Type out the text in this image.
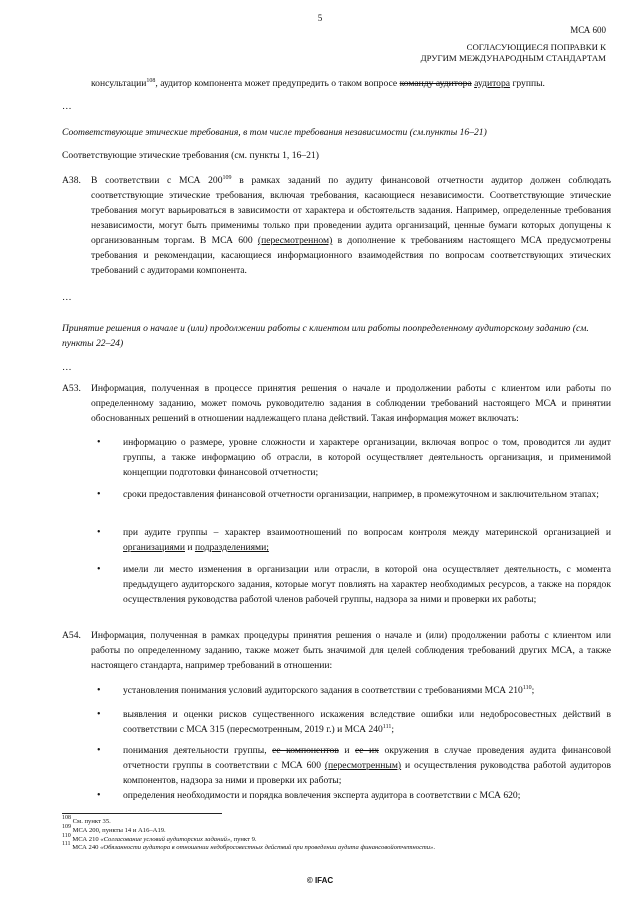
5
МСА 600
СОГЛАСУЮЩИЕСЯ ПОПРАВКИ К
ДРУГИМ МЕЖДУНАРОДНЫМ СТАНДАРТАМ
консультации$^{108}$, аудитор компонента может предупредить о таком вопросе команду аудитора аудитора группы.
…
Соответствующие этические требования, в том числе требования независимости (см.пункты 16–21)
Соответствующие этические требования (см. пункты 1, 16–21)
A38. В соответствии с МСА $200^{109}$ в рамках заданий по аудиту финансовой отчетности аудитор должен соблюдать соответствующие этические требования, включая требования, касающиеся независимости. Соответствующие этические требования могут варьироваться в зависимости от характера и обстоятельств задания. Например, определенные требования независимости, могут быть применимы только при проведении аудита организаций, ценные бумаги которых допущены к организованным торгам. В МСА 600 (пересмотренном) в дополнение к требованиям настоящего МСА предусмотрены требования и рекомендации, касающиеся информационного взаимодействия по вопросам соответствующих этических требований с аудиторами компонента.
…
Принятие решения о начале и (или) продолжении работы с клиентом или работы поопределенному аудиторскому заданию (см. пункты 22–24)
…
A53. Информация, полученная в процессе принятия решения о начале и продолжении работы с клиентом или работы по определенному заданию, может помочь руководителю задания в соблюдении требований настоящего МСА и принятии обоснованных решений в отношении надлежащего плана действий. Такая информация может включать:
• информацию о размере, уровне сложности и характере организации, включая вопрос о том, проводится ли аудит группы, а также информацию об отрасли, в которой осуществляет деятельность организация, и применимой концепции подготовки финансовой отчетности;
• сроки предоставления финансовой отчетности организации, например, в промежуточном и заключительном этапах;
• при аудите группы – характер взаимоотношений по вопросам контроля между материнской организацией и организациями и подразделениями;
• имели ли место изменения в организации или отрасли, в которой она осуществляет деятельность, с момента предыдущего аудиторского задания, которые могут повлиять на характер необходимых ресурсов, а также на порядок осуществления руководства работой членов рабочей группы, надзора за ними и проверки их работы;
A54. Информация, полученная в рамках процедуры принятия решения о начале и (или) продолжении работы с клиентом или работы по определенному заданию, также может быть значимой для целей соблюдения требований других МСА, а также настоящего стандарта, например требований в отношении:
• установления понимания условий аудиторского задания в соответствии с требованиями МСА $210^{110}$;
• выявления и оценки рисков существенного искажения вследствие ошибки или недобросовестных действий в соответствии с МСА 315 (пересмотренным, 2019 г.) и МСА $240^{111}$;
• понимания деятельности группы, ее компонентов и ее их окружения в случае проведения аудита финансовой отчетности группы в соответствии с МСА 600 (пересмотренным) и осуществления руководства работой аудиторов компонентов, надзора за ними и проверки их работы;
• определения необходимости и порядка вовлечения эксперта аудитора в соответствии с МСА 620;
$^{108}$ См. пункт 35.
$^{109}$ МСА 200, пункты 14 и А16–А19.
$^{110}$ МСА 210 «Согласование условий аудиторских заданий», пункт 9.
$^{111}$ МСА 240 «Обязанности аудитора в отношении недобросовестных действий при проведении аудита финансовойотчетности».
© IFAC
